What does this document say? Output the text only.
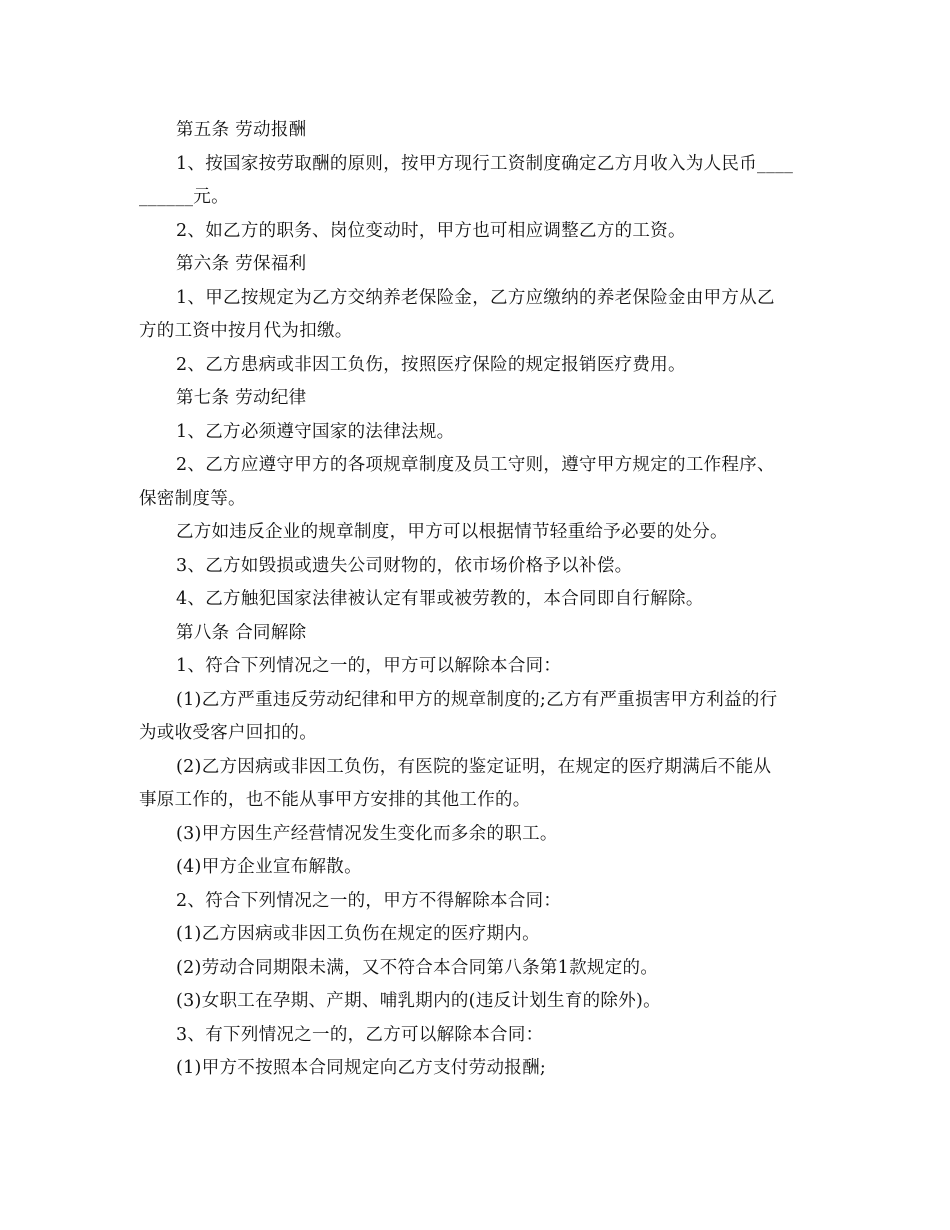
第五条 劳动报酬

1、按国家按劳取酬的原则，按甲方现行工资制度确定乙方月收入为人民币____

______元。

2、如乙方的职务、岗位变动时，甲方也可相应调整乙方的工资。

第六条 劳保福利

1、甲乙按规定为乙方交纳养老保险金，乙方应缴纳的养老保险金由甲方从乙

方的工资中按月代为扣缴。

2、乙方患病或非因工负伤，按照医疗保险的规定报销医疗费用。

第七条 劳动纪律

1、乙方必须遵守国家的法律法规。

2、乙方应遵守甲方的各项规章制度及员工守则，遵守甲方规定的工作程序、

保密制度等。

乙方如违反企业的规章制度，甲方可以根据情节轻重给予必要的处分。

3、乙方如毁损或遗失公司财物的，依市场价格予以补偿。

4、乙方触犯国家法律被认定有罪或被劳教的，本合同即自行解除。

第八条 合同解除

1、符合下列情况之一的，甲方可以解除本合同：

(1)乙方严重违反劳动纪律和甲方的规章制度的;乙方有严重损害甲方利益的行

为或收受客户回扣的。

(2)乙方因病或非因工负伤，有医院的鉴定证明，在规定的医疗期满后不能从

事原工作的，也不能从事甲方安排的其他工作的。

(3)甲方因生产经营情况发生变化而多余的职工。

(4)甲方企业宣布解散。

2、符合下列情况之一的，甲方不得解除本合同：

(1)乙方因病或非因工负伤在规定的医疗期内。

(2)劳动合同期限未满，又不符合本合同第八条第1款规定的。

(3)女职工在孕期、产期、哺乳期内的(违反计划生育的除外)。

3、有下列情况之一的，乙方可以解除本合同：

(1)甲方不按照本合同规定向乙方支付劳动报酬;
